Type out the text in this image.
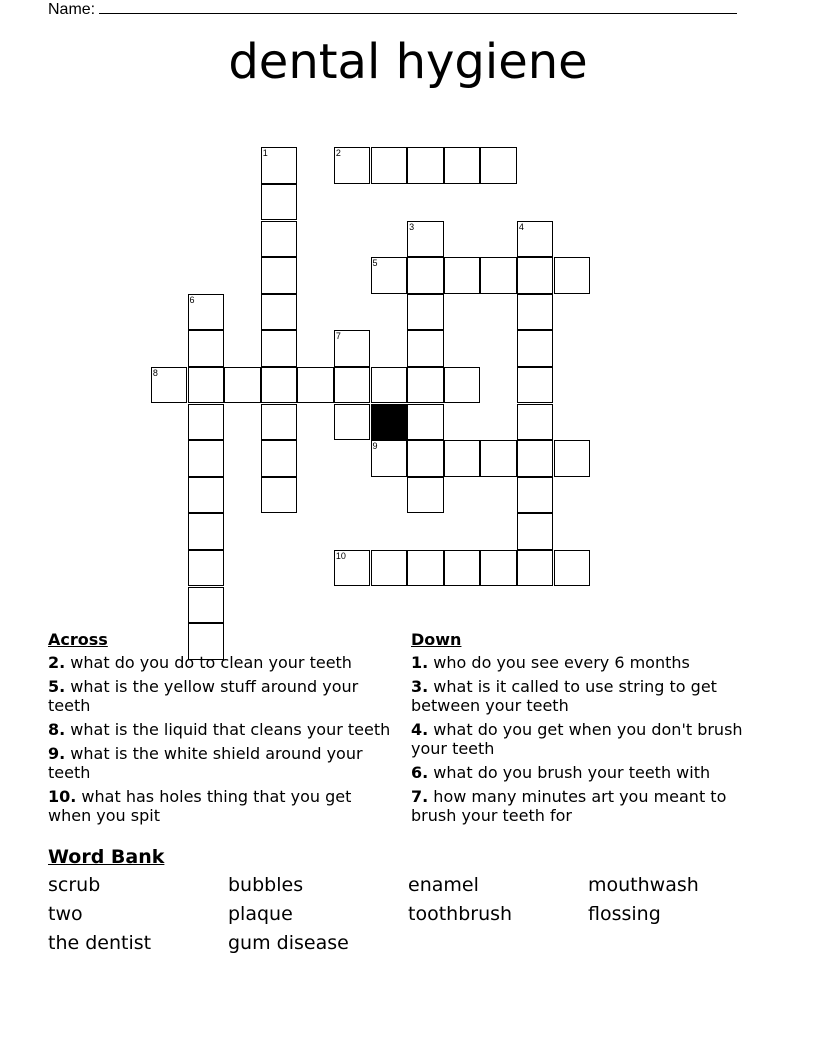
Name:
dental hygiene
1	2
3	4
5
6
7
8
9
10
Across
2. what do you do to clean your teeth
5. what is the yellow stuff around your teeth
8. what is the liquid that cleans your teeth
9. what is the white shield around your teeth
10. what has holes thing that you get when you spit
Down
1. who do you see every 6 months
3. what is it called to use string to get between your teeth
4. what do you get when you don't brush your teeth
6. what do you brush your teeth with
7. how many minutes art you meant to brush your teeth for
Word Bank
scrub	bubbles	enamel	mouthwash
two	plaque	toothbrush	flossing
the dentist	gum disease
